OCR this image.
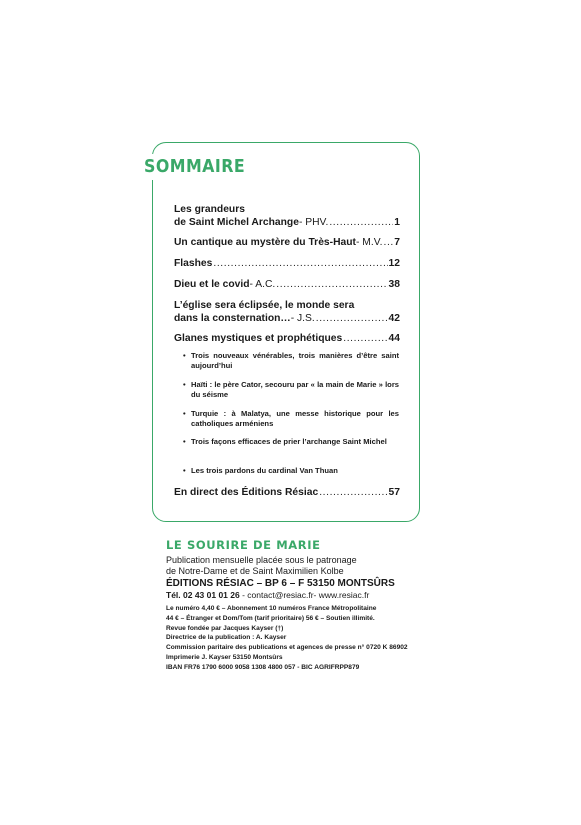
SOMMAIRE
Les grandeurs
de Saint Michel Archange - PHV. .....	1
Un cantique au mystère du Très-Haut - M.V. ..... 7
Flashes .....	12
Dieu et le covid - A.C. .....	38
L’église sera éclipsée, le monde sera
dans la consternation… - J.S. .....	42
Glanes mystiques et prophétiques .....	44
• Trois nouveaux vénérables, trois manières d’être saint aujourd’hui
• Haïti : le père Cator, secouru par « la main de Marie » lors du séisme
• Turquie : à Malatya, une messe historique pour les catholiques arméniens
• Trois façons efficaces de prier l’archange Saint Michel
• Les trois pardons du cardinal Van Thuan
En direct des Éditions Résiac .....	57
LE SOURIRE DE MARIE
Publication mensuelle placée sous le patronage
de Notre-Dame et de Saint Maximilien Kolbe
ÉDITIONS RÉSIAC – BP 6 – F 53150 MONTSÛRS
Tél. 02 43 01 01 26 - contact@resiac.fr- www.resiac.fr
Le numéro 4,40 € – Abonnement 10 numéros France Métropolitaine
44 € – Étranger et Dom/Tom (tarif prioritaire) 56 € – Soutien illimité.
Revue fondée par Jacques Kayser (†)
Directrice de la publication : A. Kayser
Commission paritaire des publications et agences de presse n° 0720 K 86902
Imprimerie J. Kayser 53150 Montsûrs
IBAN FR76 1790 6000 9058 1308 4800 057 - BIC AGRIFRPP879
